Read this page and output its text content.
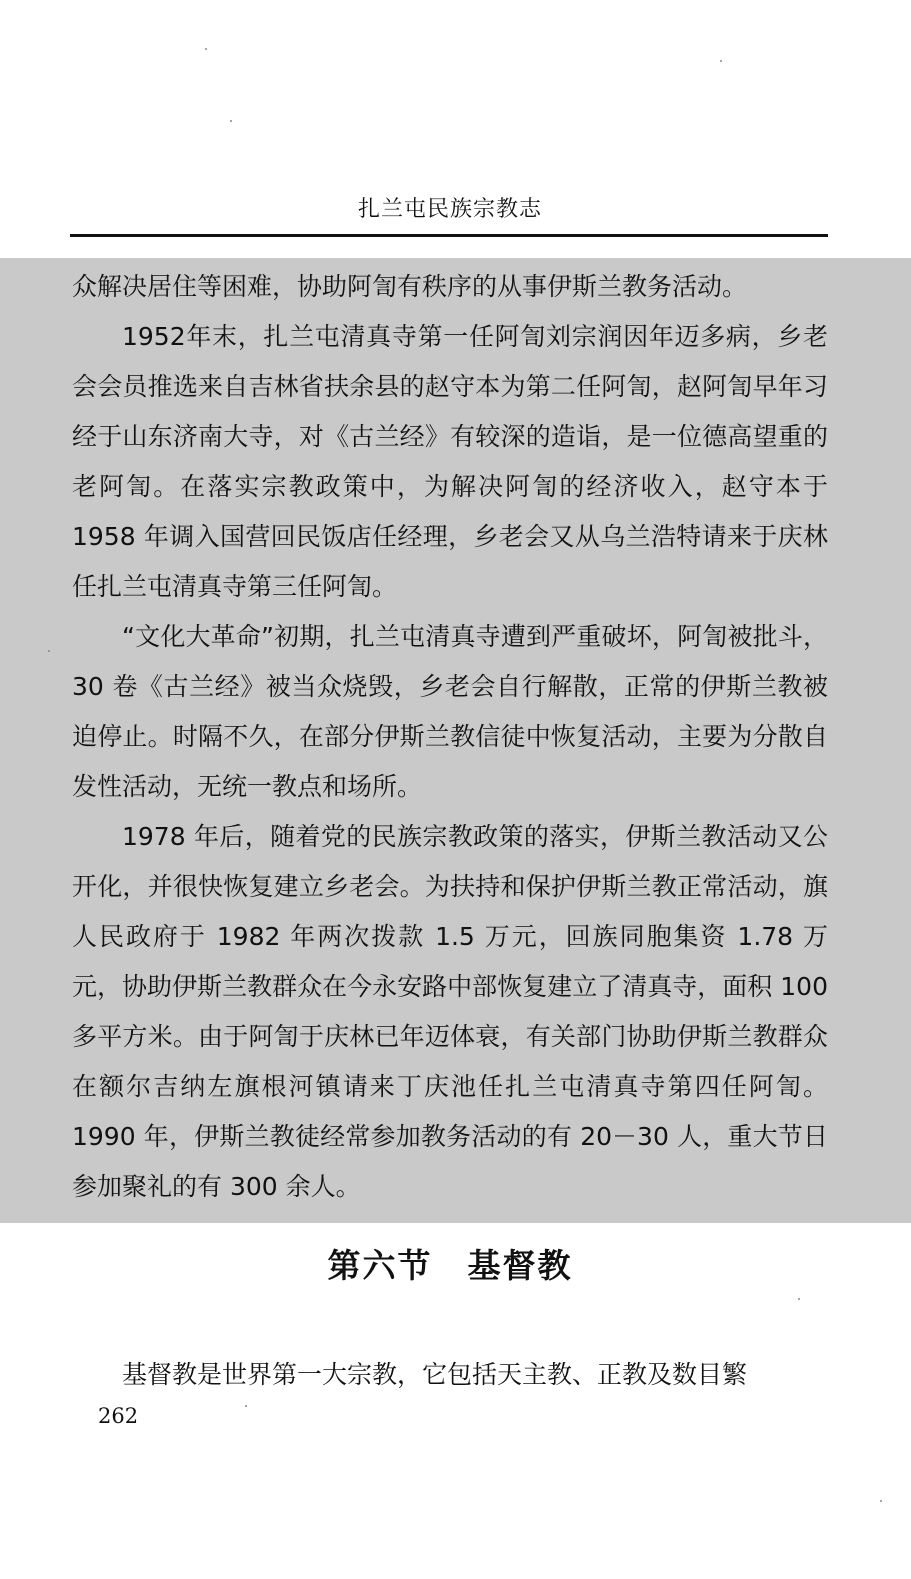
扎兰屯民族宗教志

众解决居住等困难，协助阿訇有秩序的从事伊斯兰教务活动。

1952年末，扎兰屯清真寺第一任阿訇刘宗润因年迈多病，乡老会会员推选来自吉林省扶余县的赵守本为第二任阿訇，赵阿訇早年习经于山东济南大寺，对《古兰经》有较深的造诣，是一位德高望重的老阿訇。在落实宗教政策中，为解决阿訇的经济收入，赵守本于 1958 年调入国营回民饭店任经理，乡老会又从乌兰浩特请来于庆林任扎兰屯清真寺第三任阿訇。

“文化大革命”初期，扎兰屯清真寺遭到严重破坏，阿訇被批斗，30 卷《古兰经》被当众烧毁，乡老会自行解散，正常的伊斯兰教被迫停止。时隔不久，在部分伊斯兰教信徒中恢复活动，主要为分散自发性活动，无统一教点和场所。

1978 年后，随着党的民族宗教政策的落实，伊斯兰教活动又公开化，并很快恢复建立乡老会。为扶持和保护伊斯兰教正常活动，旗人民政府于 1982 年两次拨款 1.5 万元，回族同胞集资 1.78 万元，协助伊斯兰教群众在今永安路中部恢复建立了清真寺，面积 100 多平方米。由于阿訇于庆林已年迈体衰，有关部门协助伊斯兰教群众在额尔吉纳左旗根河镇请来丁庆池任扎兰屯清真寺第四任阿訇。1990 年，伊斯兰教徒经常参加教务活动的有 20－30 人，重大节日参加聚礼的有 300 余人。

第六节　基督教

基督教是世界第一大宗教，它包括天主教、正教及数目繁

262
